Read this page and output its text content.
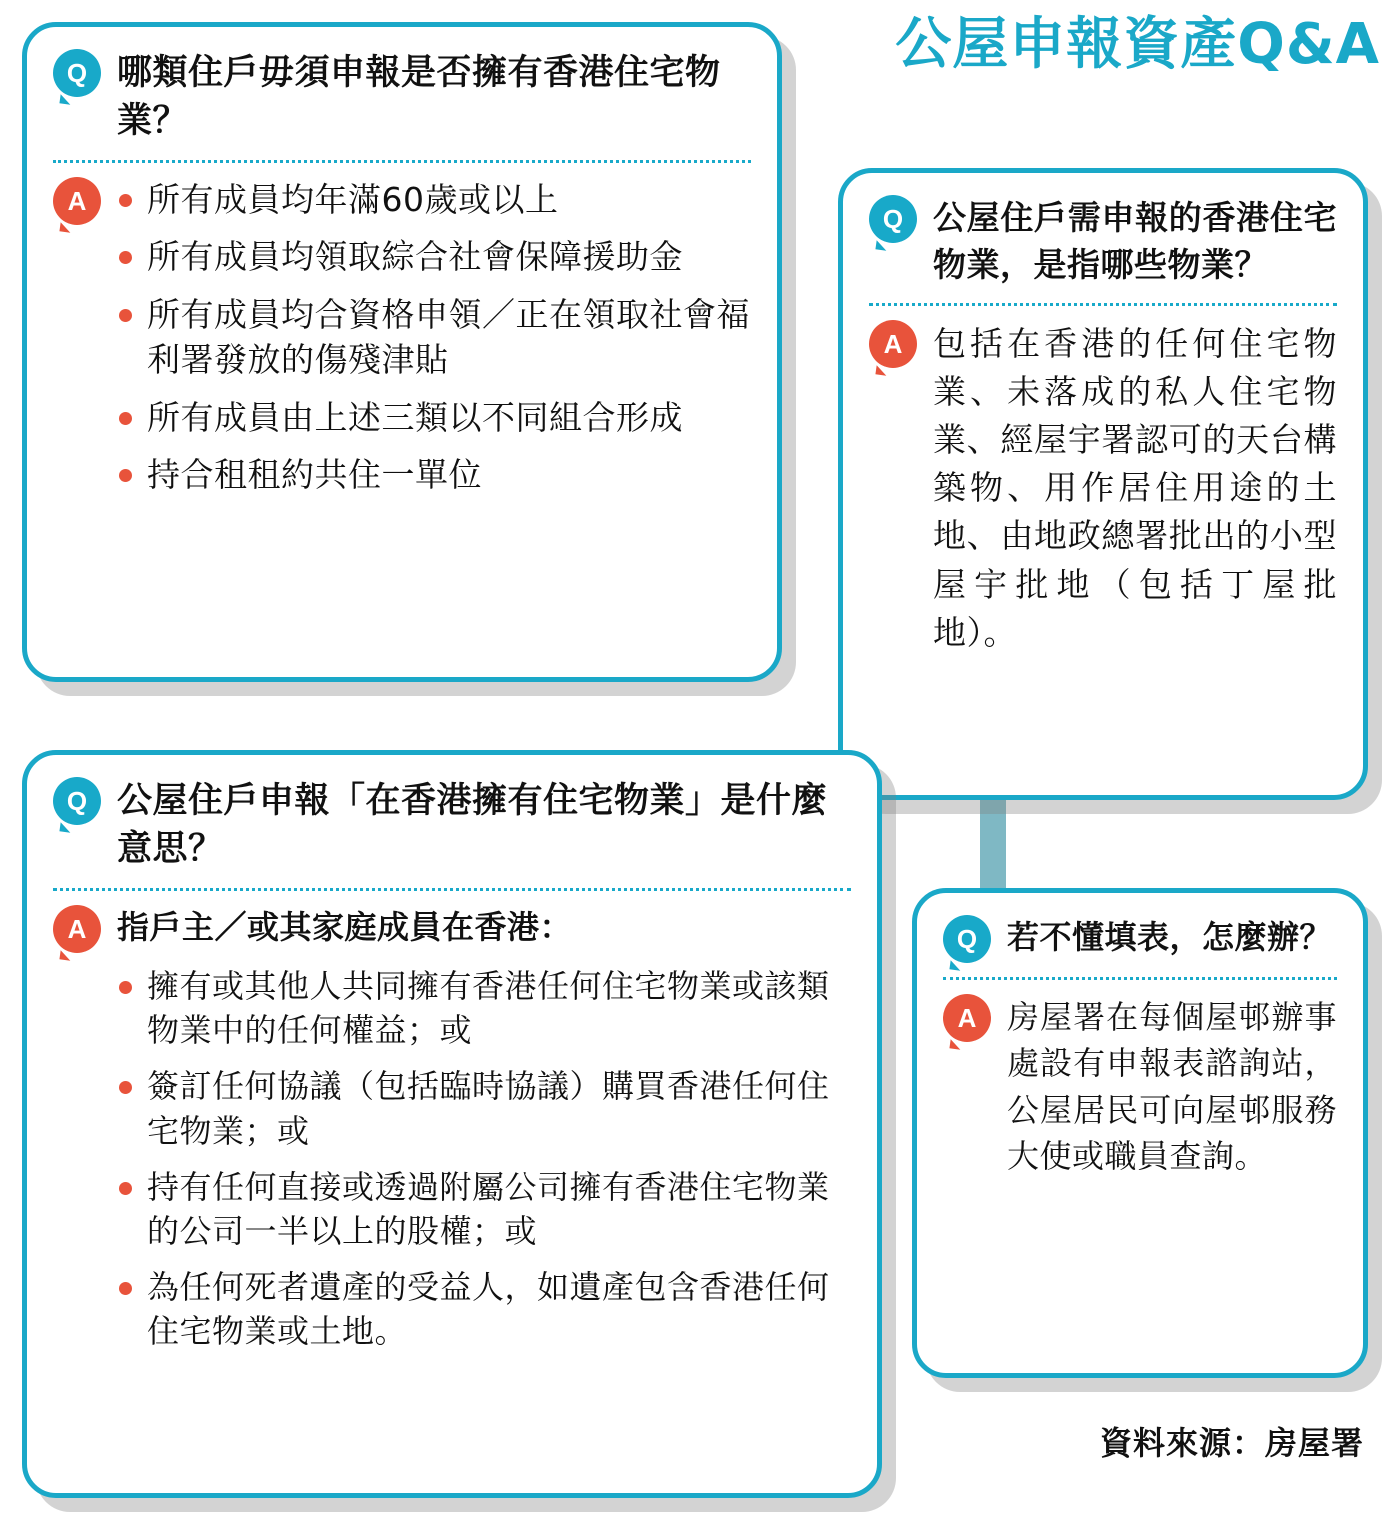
公屋申報資產Q&A
Q 哪類住戶毋須申報是否擁有香港住宅物業？
A	所有成員均年滿60歲或以上
所有成員均領取綜合社會保障援助金
所有成員均合資格申領／正在領取社會福利署發放的傷殘津貼
所有成員由上述三類以不同組合形成
持合租租約共住一單位
Q 公屋住戶需申報的香港住宅物業，是指哪些物業？
A 包括在香港的任何住宅物業、未落成的私人住宅物業、經屋宇署認可的天台構築物、用作居住用途的土地、由地政總署批出的小型屋宇批地（包括丁屋批地）。
Q 公屋住戶申報「在香港擁有住宅物業」是什麼意思？
A 指戶主／或其家庭成員在香港：
擁有或其他人共同擁有香港任何住宅物業或該類物業中的任何權益；或
簽訂任何協議（包括臨時協議）購買香港任何住宅物業；或
持有任何直接或透過附屬公司擁有香港住宅物業的公司一半以上的股權；或
為任何死者遺產的受益人，如遺產包含香港任何住宅物業或土地。
Q 若不懂填表，怎麼辦？
A 房屋署在每個屋邨辦事處設有申報表諮詢站，公屋居民可向屋邨服務大使或職員查詢。
資料來源：房屋署
